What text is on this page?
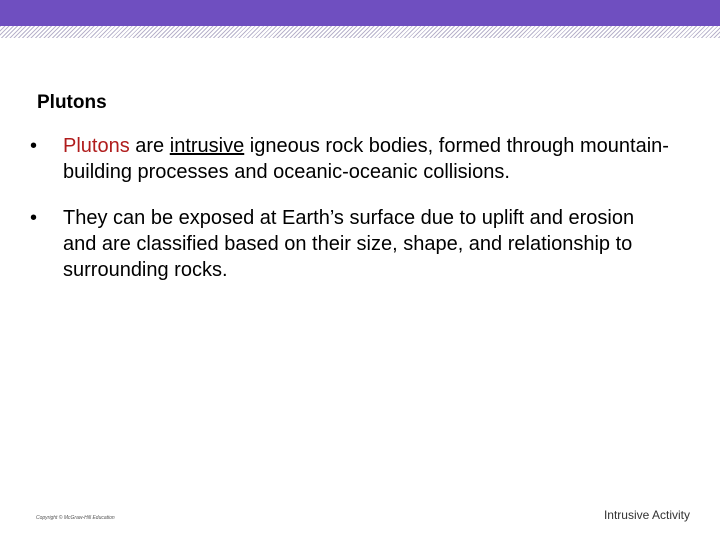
Plutons
• Plutons are intrusive igneous rock bodies, formed through mountain-building processes and oceanic-oceanic collisions.
• They can be exposed at Earth’s surface due to uplift and erosion and are classified based on their size, shape, and relationship to surrounding rocks.
Copyright © McGraw-Hill Education	Intrusive Activity
